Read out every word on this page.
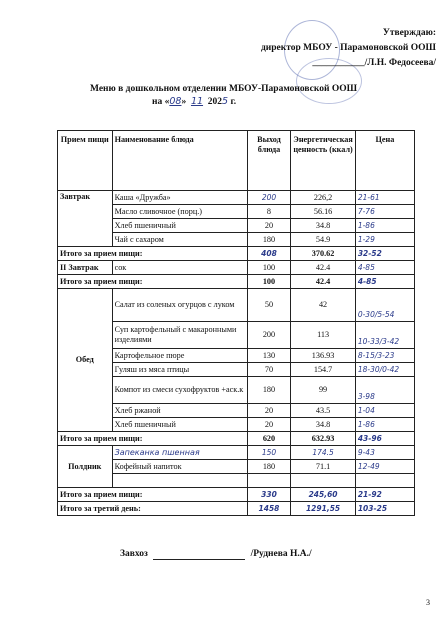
Утверждаю:
директор МБОУ - Парамоновской ООШ
___________/Л.Н. Федосеева/
Меню в дошкольном отделении МБОУ-Парамоновской ООШ
на «08» 11 2025 г.
Прием пищи	Наименование блюда	Выход блюда	Энергетическая ценность (ккал)	Цена
Завтрак	Каша «Дружба»	200	226,2	21-61
	Масло сливочное (порц.)	8	56.16	7-76
	Хлеб пшеничный	20	34.8	1-86
	Чай с сахаром	180	54.9	1-29
Итого за прием пищи:		408	370.62	32-52
II Завтрак	сок	100	42.4	4-85
Итого за прием пищи:		100	42.4	4-85
Обед	Салат из соленых огурцов с луком	50	42	0-30/5-54
	Суп картофельный с макаронными изделиями	200	113	10-33/3-42
	Картофельное пюре	130	136.93	8-15/3-23
	Гуляш из мяса птицы	70	154.7	18-30/0-42
	Компот из смеси сухофруктов +аск.к	180	99	3-98
	Хлеб ржаной	20	43.5	1-04
	Хлеб пшеничный	20	34.8	1-86
Итого за прием пищи:		620	632.93	43-96
Полдник	Запеканка пшенная	150	174.5	9-43
	Кофейный напиток	180	71.1	12-49

Итого за прием пищи:		330	245,60	21-92
Итого за третий день:		1458	1291,55	103-25
Завхоз	/Руднева Н.А./
3
